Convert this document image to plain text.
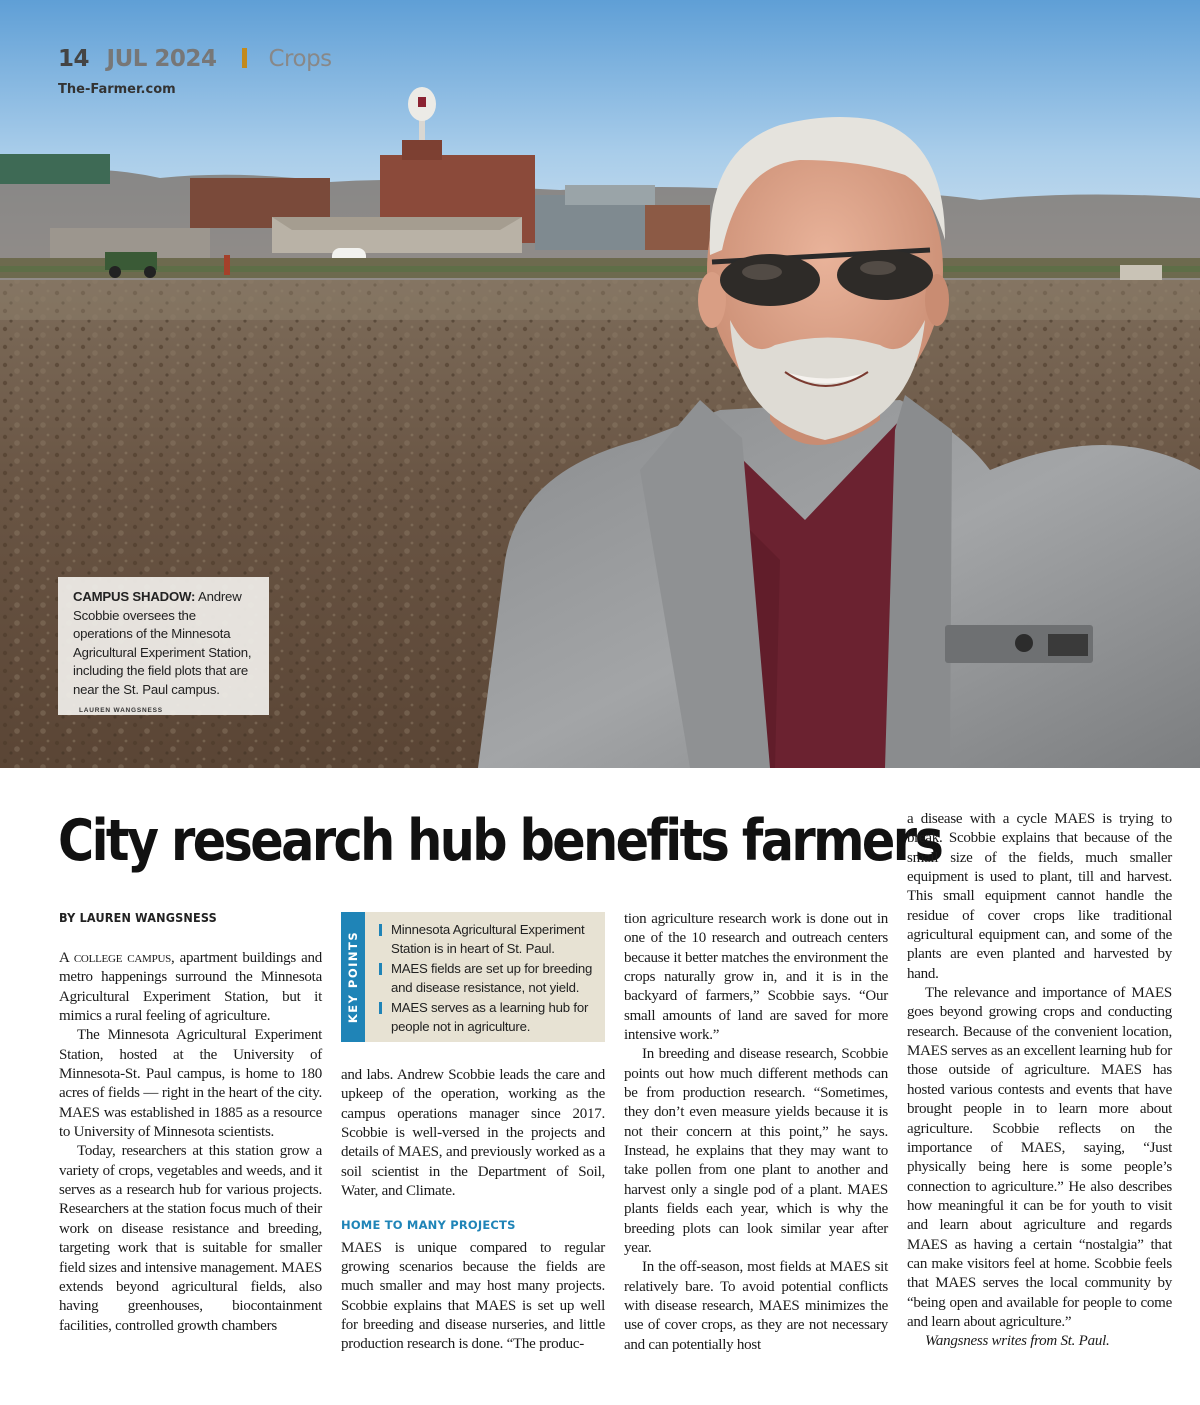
14 JUL 2024 Crops
The-Farmer.com
CAMPUS SHADOW: Andrew Scobbie oversees the operations of the Minnesota Agricultural Experiment Station, including the field plots that are near the St. Paul campus. LAUREN WANGSNESS
City research hub benefits farmers
BY LAUREN WANGSNESS
KEY POINTS
Minnesota Agricultural Experiment Station is in heart of St. Paul.
MAES fields are set up for breeding and disease resistance, not yield.
MAES serves as a learning hub for people not in agriculture.

A college campus, apartment buildings and metro happenings surround the Minnesota Agricultural Experiment Station, but it mimics a rural feeling of agriculture.

The Minnesota Agricultural Experiment Station, hosted at the University of Minnesota-St. Paul campus, is home to 180 acres of fields — right in the heart of the city. MAES was established in 1885 as a resource to University of Minnesota scientists.

Today, researchers at this station grow a variety of crops, vegetables and weeds, and it serves as a research hub for various projects. Researchers at the station focus much of their work on disease resistance and breeding, targeting work that is suitable for smaller field sizes and intensive management. MAES extends beyond agricultural fields, also having greenhouses, biocontainment facilities, controlled growth chambers

and labs. Andrew Scobbie leads the care and upkeep of the operation, working as the campus operations manager since 2017. Scobbie is well-versed in the projects and details of MAES, and previously worked as a soil scientist in the Department of Soil, Water, and Climate.

HOME TO MANY PROJECTS

MAES is unique compared to regular growing scenarios because the fields are much smaller and may host many projects. Scobbie explains that MAES is set up well for breeding and disease nurseries, and little production research is done. “The produc-

tion agriculture research work is done out in one of the 10 research and outreach centers because it better matches the environment the crops naturally grow in, and it is in the backyard of farmers,” Scobbie says. “Our small amounts of land are saved for more intensive work.”

In breeding and disease research, Scobbie points out how much different methods can be from production research. “Sometimes, they don’t even measure yields because it is not their concern at this point,” he says. Instead, he explains that they may want to take pollen from one plant to another and harvest only a single pod of a plant. MAES plants fields each year, which is why the breeding plots can look similar year after year.

In the off-season, most fields at MAES sit relatively bare. To avoid potential conflicts with disease research, MAES minimizes the use of cover crops, as they are not necessary and can potentially host

a disease with a cycle MAES is trying to break. Scobbie explains that because of the small size of the fields, much smaller equipment is used to plant, till and harvest. This small equipment cannot handle the residue of cover crops like traditional agricultural equipment can, and some of the plants are even planted and harvested by hand.

The relevance and importance of MAES goes beyond growing crops and conducting research. Because of the convenient location, MAES serves as an excellent learning hub for those outside of agriculture. MAES has hosted various contests and events that have brought people in to learn more about agriculture. Scobbie reflects on the importance of MAES, saying, “Just physically being here is some people’s connection to agriculture.” He also describes how meaningful it can be for youth to visit and learn about agriculture and regards MAES as having a certain “nostalgia” that can make visitors feel at home. Scobbie feels that MAES serves the local community by “being open and available for people to come and learn about agriculture.”

Wangsness writes from St. Paul.
